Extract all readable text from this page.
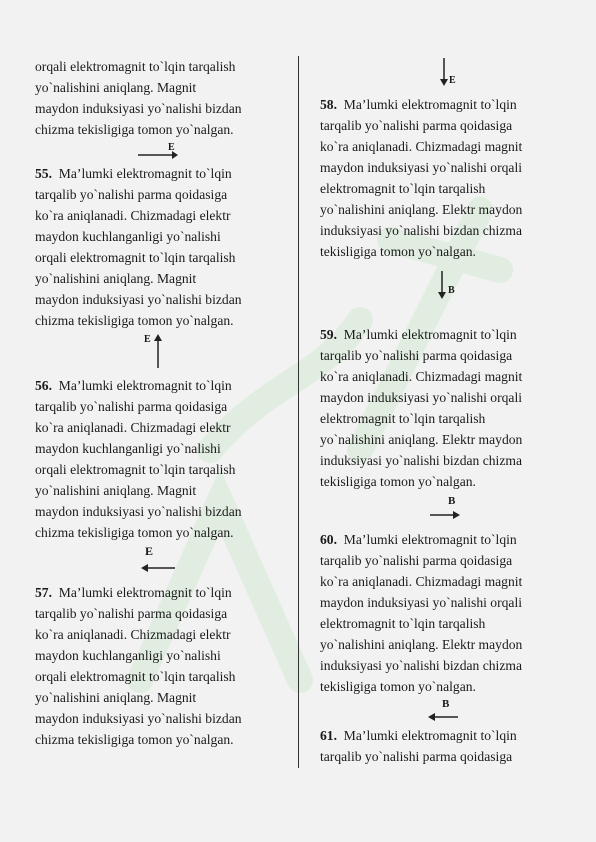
orqali elektromagnit to`lqin tarqalish
yo`nalishini aniqlang. Magnit
maydon induksiyasi yo`nalishi bizdan
chizma tekisligiga tomon yo`nalgan.
E
55. Ma’lumki elektromagnit to`lqin
tarqalib yo`nalishi parma qoidasiga
ko`ra aniqlanadi. Chizmadagi elektr
maydon kuchlanganligi yo`nalishi
orqali elektromagnit to`lqin tarqalish
yo`nalishini aniqlang. Magnit
maydon induksiyasi yo`nalishi bizdan
chizma tekisligiga tomon yo`nalgan.
E
56. Ma’lumki elektromagnit to`lqin
tarqalib yo`nalishi parma qoidasiga
ko`ra aniqlanadi. Chizmadagi elektr
maydon kuchlanganligi yo`nalishi
orqali elektromagnit to`lqin tarqalish
yo`nalishini aniqlang. Magnit
maydon induksiyasi yo`nalishi bizdan
chizma tekisligiga tomon yo`nalgan.
E
57. Ma’lumki elektromagnit to`lqin
tarqalib yo`nalishi parma qoidasiga
ko`ra aniqlanadi. Chizmadagi elektr
maydon kuchlanganligi yo`nalishi
orqali elektromagnit to`lqin tarqalish
yo`nalishini aniqlang. Magnit
maydon induksiyasi yo`nalishi bizdan
chizma tekisligiga tomon yo`nalgan.
E
58. Ma’lumki elektromagnit to`lqin
tarqalib yo`nalishi parma qoidasiga
ko`ra aniqlanadi. Chizmadagi magnit
maydon induksiyasi yo`nalishi orqali
elektromagnit to`lqin tarqalish
yo`nalishini aniqlang. Elektr maydon
induksiyasi yo`nalishi bizdan chizma
tekisligiga tomon yo`nalgan.
B
59. Ma’lumki elektromagnit to`lqin
tarqalib yo`nalishi parma qoidasiga
ko`ra aniqlanadi. Chizmadagi magnit
maydon induksiyasi yo`nalishi orqali
elektromagnit to`lqin tarqalish
yo`nalishini aniqlang. Elektr maydon
induksiyasi yo`nalishi bizdan chizma
tekisligiga tomon yo`nalgan.
B
60. Ma’lumki elektromagnit to`lqin
tarqalib yo`nalishi parma qoidasiga
ko`ra aniqlanadi. Chizmadagi magnit
maydon induksiyasi yo`nalishi orqali
elektromagnit to`lqin tarqalish
yo`nalishini aniqlang. Elektr maydon
induksiyasi yo`nalishi bizdan chizma
tekisligiga tomon yo`nalgan.
B
61. Ma’lumki elektromagnit to`lqin
tarqalib yo`nalishi parma qoidasiga
